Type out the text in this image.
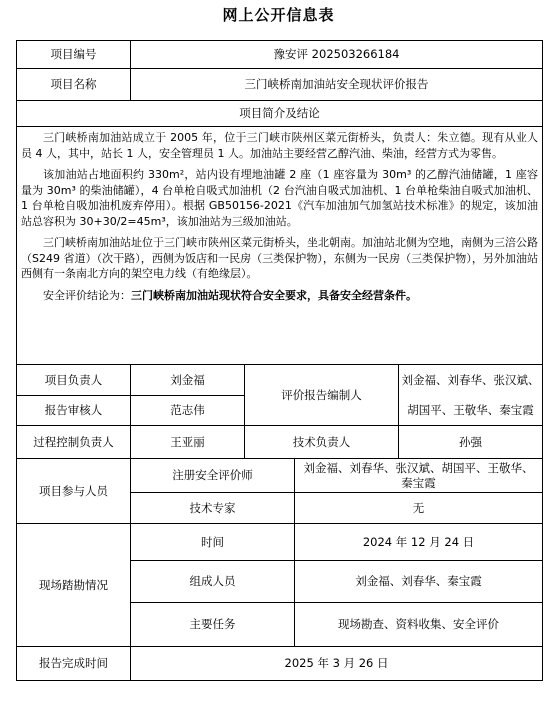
网上公开信息表
项目编号	豫安评 202503266184			
项目名称	三门峡桥南加油站安全现状评价报告			
项目简介及结论				

三门峡桥南加油站成立于 2005 年，位于三门峡市陕州区菜元街桥头，负责人：朱立德。现有从业人员 4 人，其中，站长 1 人，安全管理员 1 人。加油站主要经营乙醇汽油、柴油，经营方式为零售。

该加油站占地面积约 330m²，站内设有埋地油罐 2 座（1 座容量为 30m³ 的乙醇汽油储罐，1 座容量为 30m³ 的柴油储罐），4 台单枪自吸式加油机（2 台汽油自吸式加油机、1 台单枪柴油自吸式加油机、1 台单枪自吸加油机废弃停用）。根据 GB50156-2021《汽车加油加气加氢站技术标准》的规定，该加油站总容积为 30+30/2=45m³，该加油站为三级加油站。

三门峡桥南加油站址位于三门峡市陕州区菜元街桥头，坐北朝南。加油站北侧为空地，南侧为三涪公路（S249 省道）（次干路），西侧为饭店和一民房（三类保护物），东侧为一民房（三类保护物），另外加油站西侧有一条南北方向的架空电力线（有绝缘层）。

安全评价结论为：三门峡桥南加油站现状符合安全要求，具备安全经营条件。				

项目负责人	刘金福	评价报告编制人		刘金福、刘春华、张汉斌、
报告审核人	范志伟			胡国平、王敬华、秦宝霞
过程控制负责人	王亚丽	技术负责人		孙强
项目参与人员	注册安全评价师		刘金福、刘春华、张汉斌、胡国平、王敬华、
秦宝霞	

	技术专家		无	
现场踏勘情况	时间		2024 年 12 月 24 日	
	组成人员		刘金福、刘春华、秦宝霞	
	主要任务		现场勘查、资料收集、安全评价	
报告完成时间	2025 年 3 月 26 日			
